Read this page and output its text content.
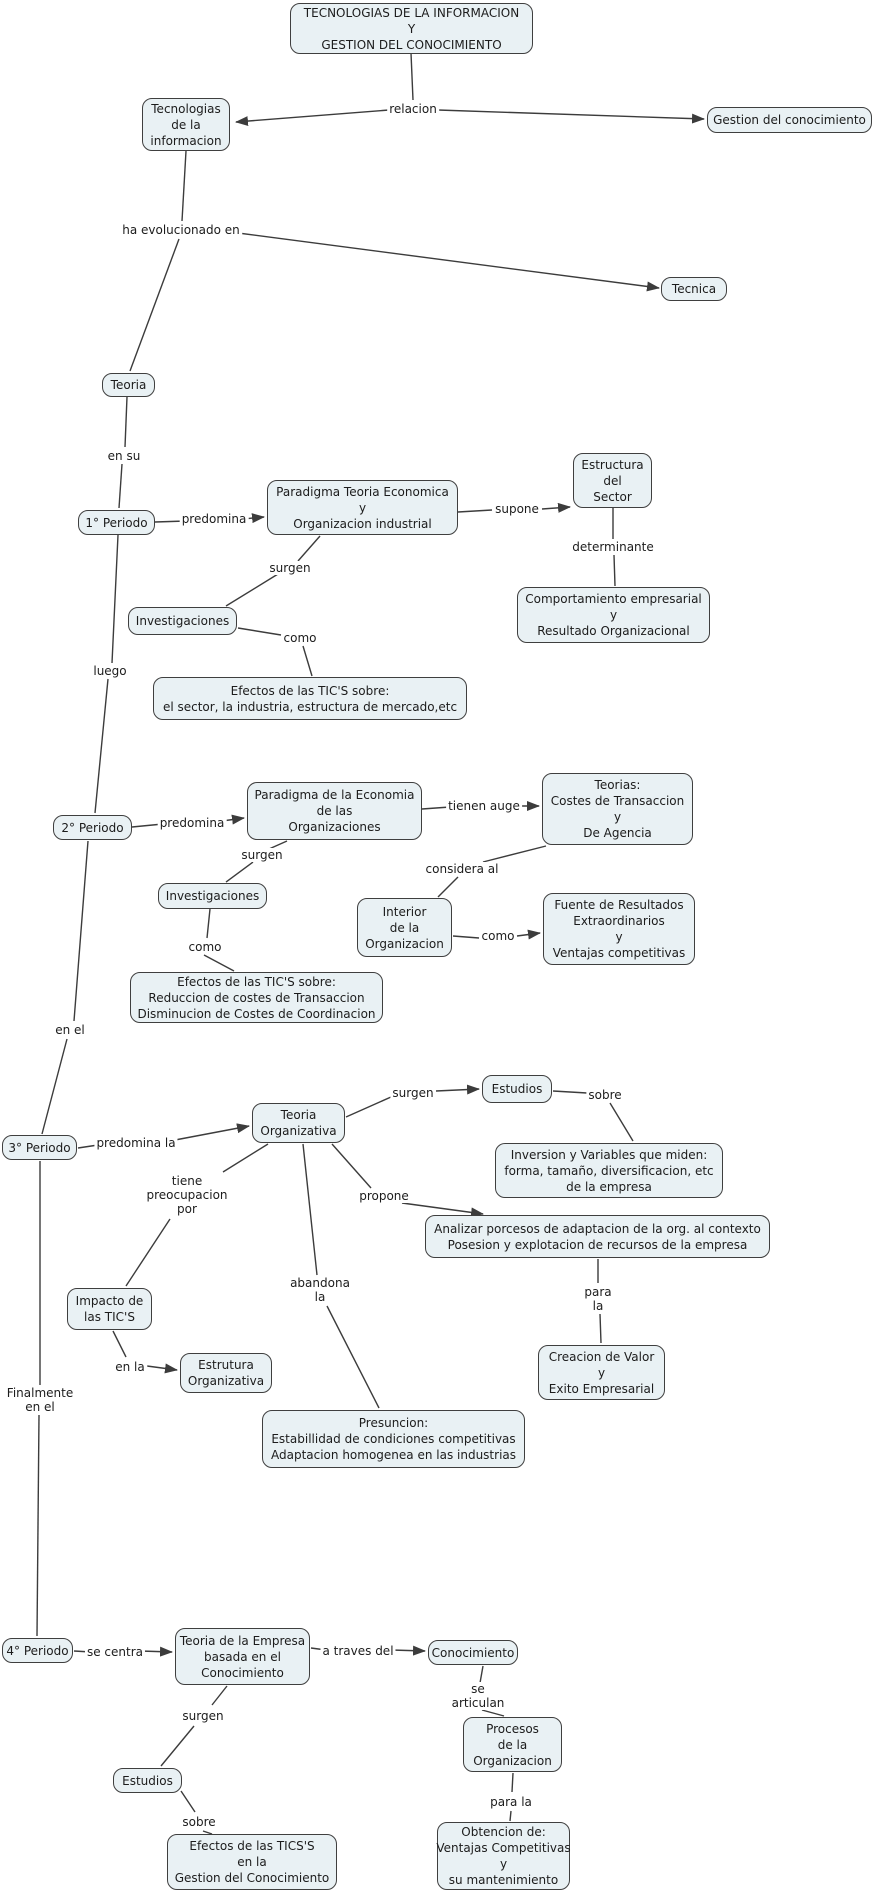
TECNOLOGIAS DE LA INFORMACION
Y
GESTION DEL CONOCIMIENTO
Tecnologias
de la
informacion
Gestion del conocimiento
Tecnica
Teoria
1° Periodo
Paradigma Teoria Economica
y
Organizacion industrial
Estructura
del
Sector
Comportamiento empresarial
y
Resultado Organizacional
Investigaciones
Efectos de las TIC'S sobre:
el sector, la industria, estructura de mercado,etc
2° Periodo
Paradigma de la Economia
de las
Organizaciones
Teorias:
Costes de Transaccion
y
De Agencia
Investigaciones
Interior
de la
Organizacion
Fuente de Resultados
Extraordinarios
y
Ventajas competitivas
Efectos de las TIC'S sobre:
Reduccion de costes de Transaccion
Disminucion de Costes de Coordinacion
3° Periodo
Teoria
Organizativa
Estudios
Inversion y Variables que miden:
forma, tamaño, diversificacion, etc
de la empresa
Analizar porcesos de adaptacion de la org. al contexto
Posesion y explotacion de recursos de la empresa
Impacto de
las TIC'S
Estrutura
Organizativa
Creacion de Valor
y
Exito Empresarial
Presuncion:
Estabillidad de condiciones competitivas
Adaptacion homogenea en las industrias
4° Periodo
Teoria de la Empresa
basada en el
Conocimiento
Conocimiento
Procesos
de la
Organizacion
Estudios
Efectos de las TICS'S
en la
Gestion del Conocimiento
Obtencion de:
Ventajas Competitivas
y
su mantenimiento
relacion
ha evolucionado en
en su
predomina
supone
determinante
surgen
como
luego
predomina
tienen auge
surgen
considera al
como
como
en el
predomina la
surgen	sobre
tiene
preocupacion
por
propone
abandona
la
en la
para
la
Finalmente
en el
se centra	a traves del
se
articulan
surgen
sobre
para la
